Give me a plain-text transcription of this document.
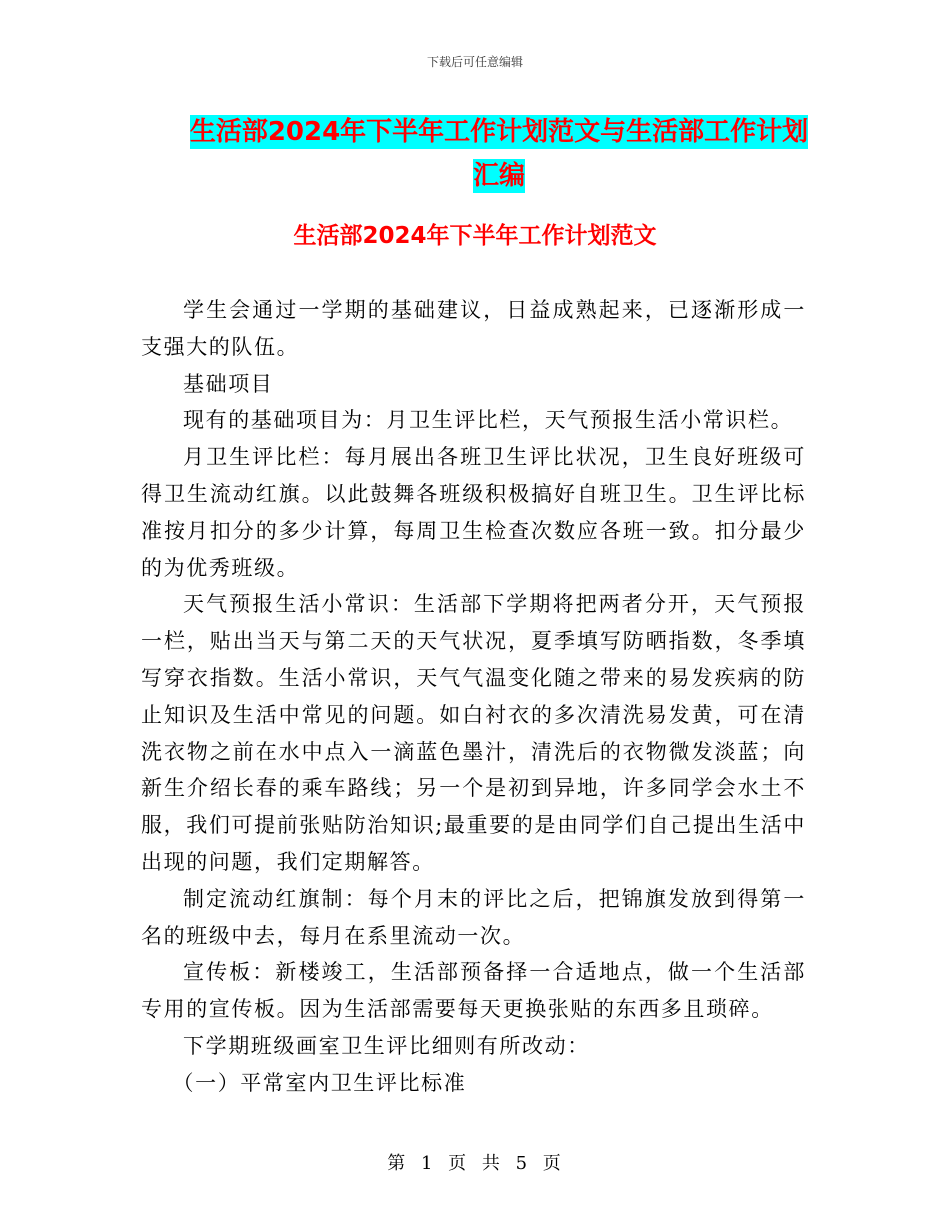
下载后可任意编辑
生活部2024年下半年工作计划范文与生活部工作计划汇编
生活部2024年下半年工作计划范文

学生会通过一学期的基础建议，日益成熟起来，已逐渐形成一支强大的队伍。

基础项目

现有的基础项目为：月卫生评比栏，天气预报生活小常识栏。

月卫生评比栏：每月展出各班卫生评比状况，卫生良好班级可得卫生流动红旗。以此鼓舞各班级积极搞好自班卫生。卫生评比标准按月扣分的多少计算，每周卫生检查次数应各班一致。扣分最少的为优秀班级。

天气预报生活小常识：生活部下学期将把两者分开，天气预报一栏，贴出当天与第二天的天气状况，夏季填写防晒指数，冬季填写穿衣指数。生活小常识，天气气温变化随之带来的易发疾病的防止知识及生活中常见的问题。如白衬衣的多次清洗易发黄，可在清洗衣物之前在水中点入一滴蓝色墨汁，清洗后的衣物微发淡蓝；向新生介绍长春的乘车路线；另一个是初到异地，许多同学会水土不服，我们可提前张贴防治知识;最重要的是由同学们自己提出生活中出现的问题，我们定期解答。

制定流动红旗制：每个月末的评比之后，把锦旗发放到得第一名的班级中去，每月在系里流动一次。

宣传板：新楼竣工，生活部预备择一合适地点，做一个生活部专用的宣传板。因为生活部需要每天更换张贴的东西多且琐碎。

下学期班级画室卫生评比细则有所改动：

（一）平常室内卫生评比标准

第 1 页 共 5 页
